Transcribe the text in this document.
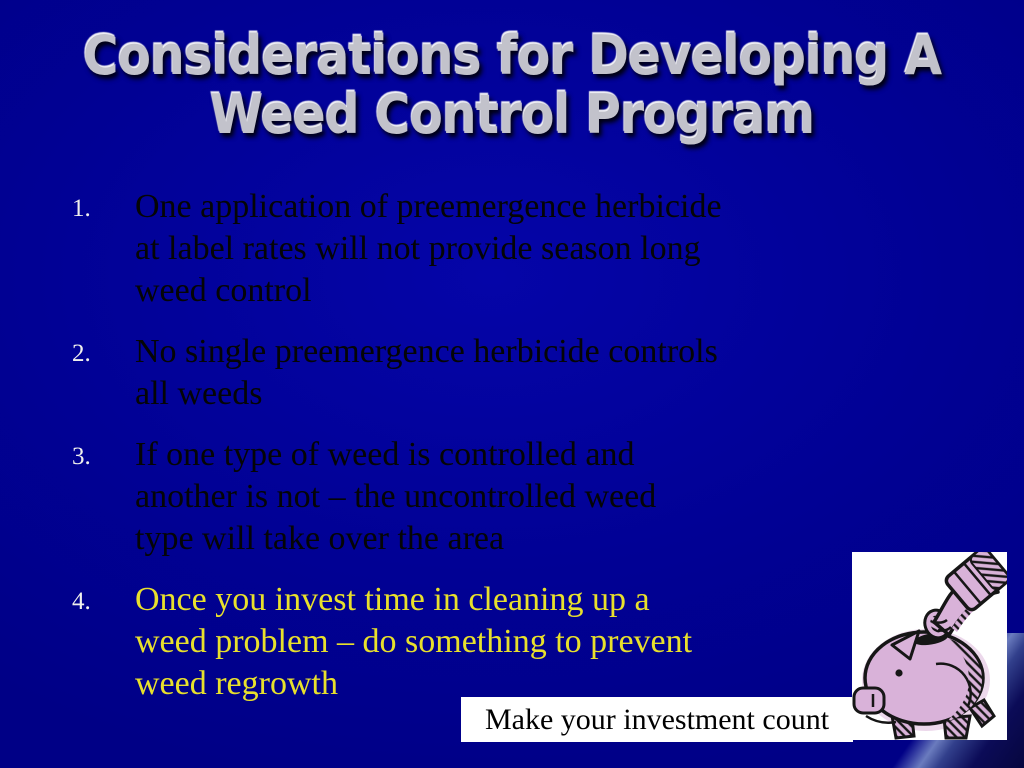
Considerations for Developing A
Weed Control Program
1.	One application of preemergence herbicide
at label rates will not provide season long
weed control
2.	No single preemergence herbicide controls
all weeds
3.	If one type of weed is controlled and
another is not – the uncontrolled weed
type will take over the area
4.	Once you invest time in cleaning up a
weed problem – do something to prevent
weed regrowth
Make your investment count
